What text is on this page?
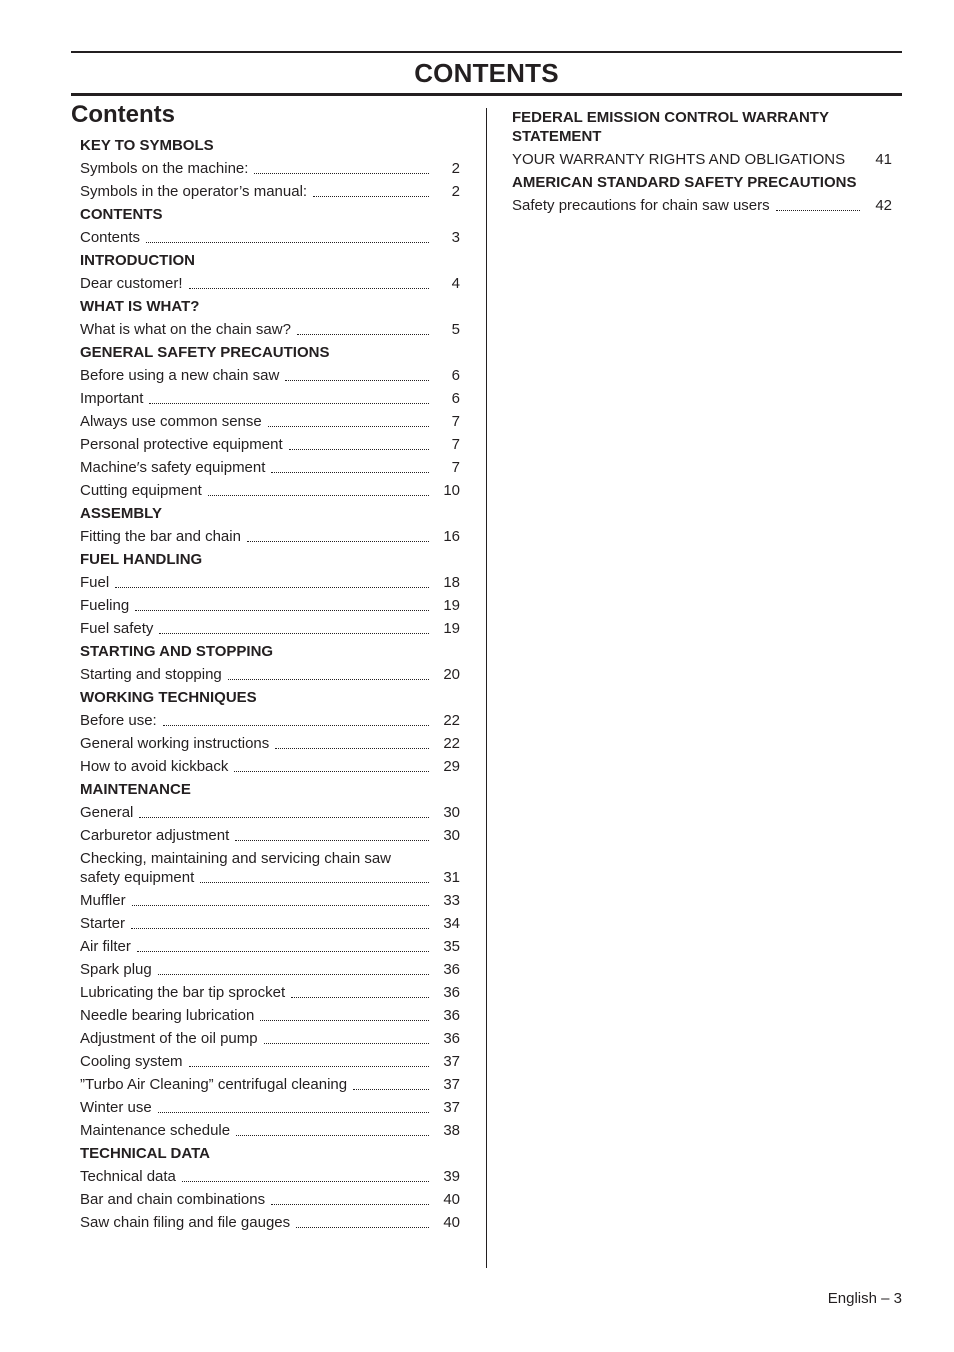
CONTENTS
Contents
KEY TO SYMBOLS
Symbols on the machine:	2
Symbols in the operator’s manual:	2
CONTENTS
Contents	3
INTRODUCTION
Dear customer!	4
WHAT IS WHAT?
What is what on the chain saw?	5
GENERAL SAFETY PRECAUTIONS
Before using a new chain saw	6
Important	6
Always use common sense	7
Personal protective equipment	7
Machine′s safety equipment	7
Cutting equipment	10
ASSEMBLY
Fitting the bar and chain	16
FUEL HANDLING
Fuel	18
Fueling	19
Fuel safety	19
STARTING AND STOPPING
Starting and stopping	20
WORKING TECHNIQUES
Before use:	22
General working instructions	22
How to avoid kickback	29
MAINTENANCE
General	30
Carburetor adjustment	30
Checking, maintaining and servicing chain saw
safety equipment	31
Muffler	33
Starter	34
Air filter	35
Spark plug	36
Lubricating the bar tip sprocket	36
Needle bearing lubrication	36
Adjustment of the oil pump	36
Cooling system	37
”Turbo Air Cleaning” centrifugal cleaning	37
Winter use	37
Maintenance schedule	38
TECHNICAL DATA
Technical data	39
Bar and chain combinations	40
Saw chain filing and file gauges	40
FEDERAL EMISSION CONTROL WARRANTY STATEMENT
YOUR WARRANTY RIGHTS AND OBLIGATIONS	41
AMERICAN STANDARD SAFETY PRECAUTIONS
Safety precautions for chain saw users	42
English – 3
